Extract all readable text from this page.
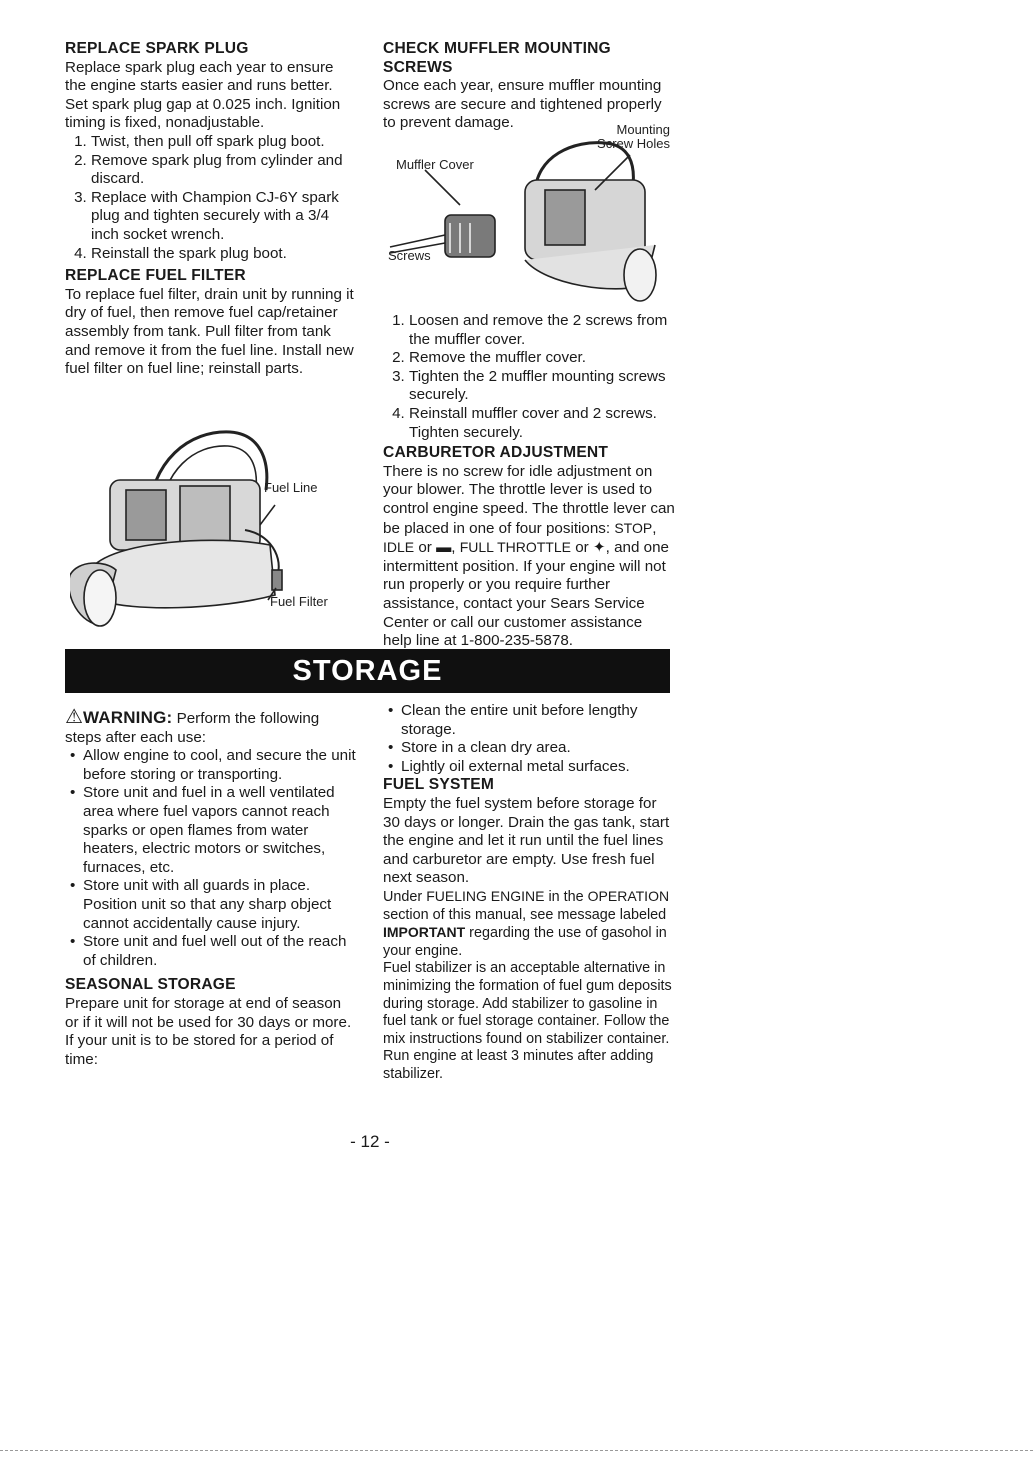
REPLACE SPARK PLUG

Replace spark plug each year to ensure the engine starts easier and runs better. Set spark plug gap at 0.025 inch. Ignition timing is fixed, nonadjustable.

1. Twist, then pull off spark plug boot.
2. Remove spark plug from cylinder and discard.
3. Replace with Champion CJ-6Y spark plug and tighten securely with a 3/4 inch socket wrench.
4. Reinstall the spark plug boot.

REPLACE FUEL FILTER

To replace fuel filter, drain unit by running it dry of fuel, then remove fuel cap/retainer assembly from tank. Pull filter from tank and remove it from the fuel line. Install new fuel filter on fuel line; reinstall parts.

Fuel Line
Fuel Filter

CHECK MUFFLER MOUNTING SCREWS

Once each year, ensure muffler mounting screws are secure and tightened properly to prevent damage.

Muffler Cover
Mounting Screw Holes
Screws
1. Loosen and remove the 2 screws from the muffler cover.
2. Remove the muffler cover.
3. Tighten the 2 muffler mounting screws securely.
4. Reinstall muffler cover and 2 screws. Tighten securely.

CARBURETOR ADJUSTMENT

There is no screw for idle adjustment on your blower. The throttle lever is used to control engine speed. The throttle lever can be placed in one of four positions: STOP, IDLE or ▬, FULL THROTTLE or ✦, and one intermittent position. If your engine will not run properly or you require further assistance, contact your Sears Service Center or call our customer assistance help line at 1-800-235-5878.

STORAGE

⚠WARNING: Perform the following steps after each use:

• Allow engine to cool, and secure the unit before storing or transporting.
• Store unit and fuel in a well ventilated area where fuel vapors cannot reach sparks or open flames from water heaters, electric motors or switches, furnaces, etc.
• Store unit with all guards in place. Position unit so that any sharp object cannot accidentally cause injury.
• Store unit and fuel well out of the reach of children.

SEASONAL STORAGE

Prepare unit for storage at end of season or if it will not be used for 30 days or more.

If your unit is to be stored for a period of time:

• Clean the entire unit before lengthy storage.
• Store in a clean dry area.
• Lightly oil external metal surfaces.

FUEL SYSTEM

Empty the fuel system before storage for 30 days or longer. Drain the gas tank, start the engine and let it run until the fuel lines and carburetor are empty. Use fresh fuel next season.

Under FUELING ENGINE in the OPERATION section of this manual, see message labeled IMPORTANT regarding the use of gasohol in your engine.

Fuel stabilizer is an acceptable alternative in minimizing the formation of fuel gum deposits during storage. Add stabilizer to gasoline in fuel tank or fuel storage container. Follow the mix instructions found on stabilizer container. Run engine at least 3 minutes after adding stabilizer.

- 12 -
